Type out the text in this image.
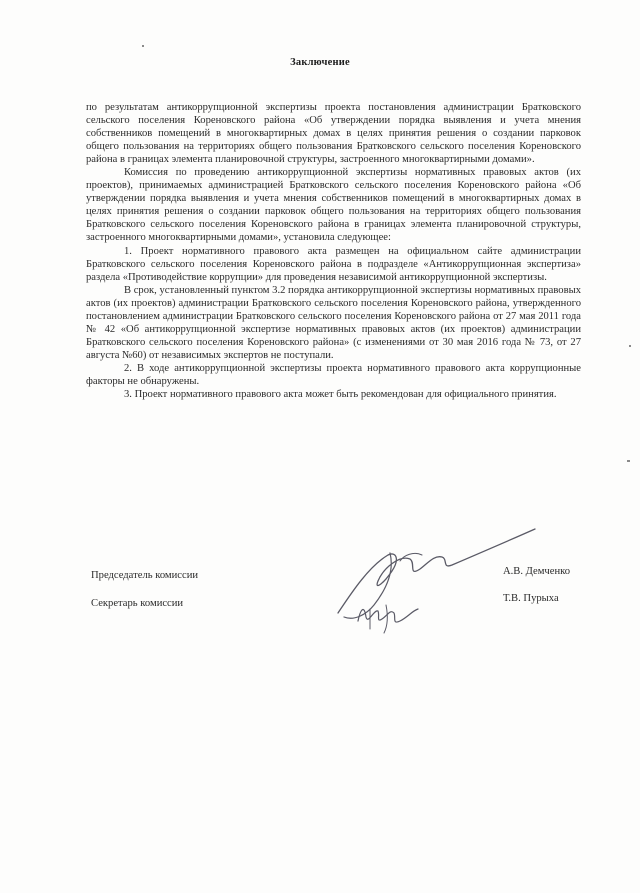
Заключение

по результатам антикоррупционной экспертизы проекта постановления администрации Братковского сельского поселения Кореновского района «Об утверждении порядка выявления и учета мнения собственников помещений в многоквартирных домах в целях принятия решения о создании парковок общего пользования на территориях общего пользования Братковского сельского поселения Кореновского района в границах элемента планировочной структуры, застроенного многоквартирными домами».

Комиссия по проведению антикоррупционной экспертизы нормативных правовых актов (их проектов), принимаемых администрацией Братковского сельского поселения Кореновского района «Об утверждении порядка выявления и учета мнения собственников помещений в многоквартирных домах в целях принятия решения о создании парковок общего пользования на территориях общего пользования Братковского сельского поселения Кореновского района в границах элемента планировочной структуры, застроенного многоквартирными домами», установила следующее:

1. Проект нормативного правового акта размещен на официальном сайте администрации Братковского сельского поселения Кореновского района в подразделе «Антикоррупционная экспертиза» раздела «Противодействие коррупции» для проведения независимой антикоррупционной экспертизы.

В срок, установленный пунктом 3.2 порядка антикоррупционной экспертизы нормативных правовых актов (их проектов) администрации Братковского сельского поселения Кореновского района, утвержденного постановлением администрации Братковского сельского поселения Кореновского района от 27 мая 2011 года № 42 «Об антикоррупционной экспертизе нормативных правовых актов (их проектов) администрации Братковского сельского поселения Кореновского района» (с изменениями от 30 мая 2016 года № 73, от 27 августа №60) от независимых экспертов не поступали.

2. В ходе антикоррупционной экспертизы проекта нормативного правового акта коррупционные факторы не обнаружены.

3. Проект нормативного правового акта может быть рекомендован для официального принятия.

Председатель комиссии
Секретарь комиссии
А.В. Демченко
Т.В. Пурыха
